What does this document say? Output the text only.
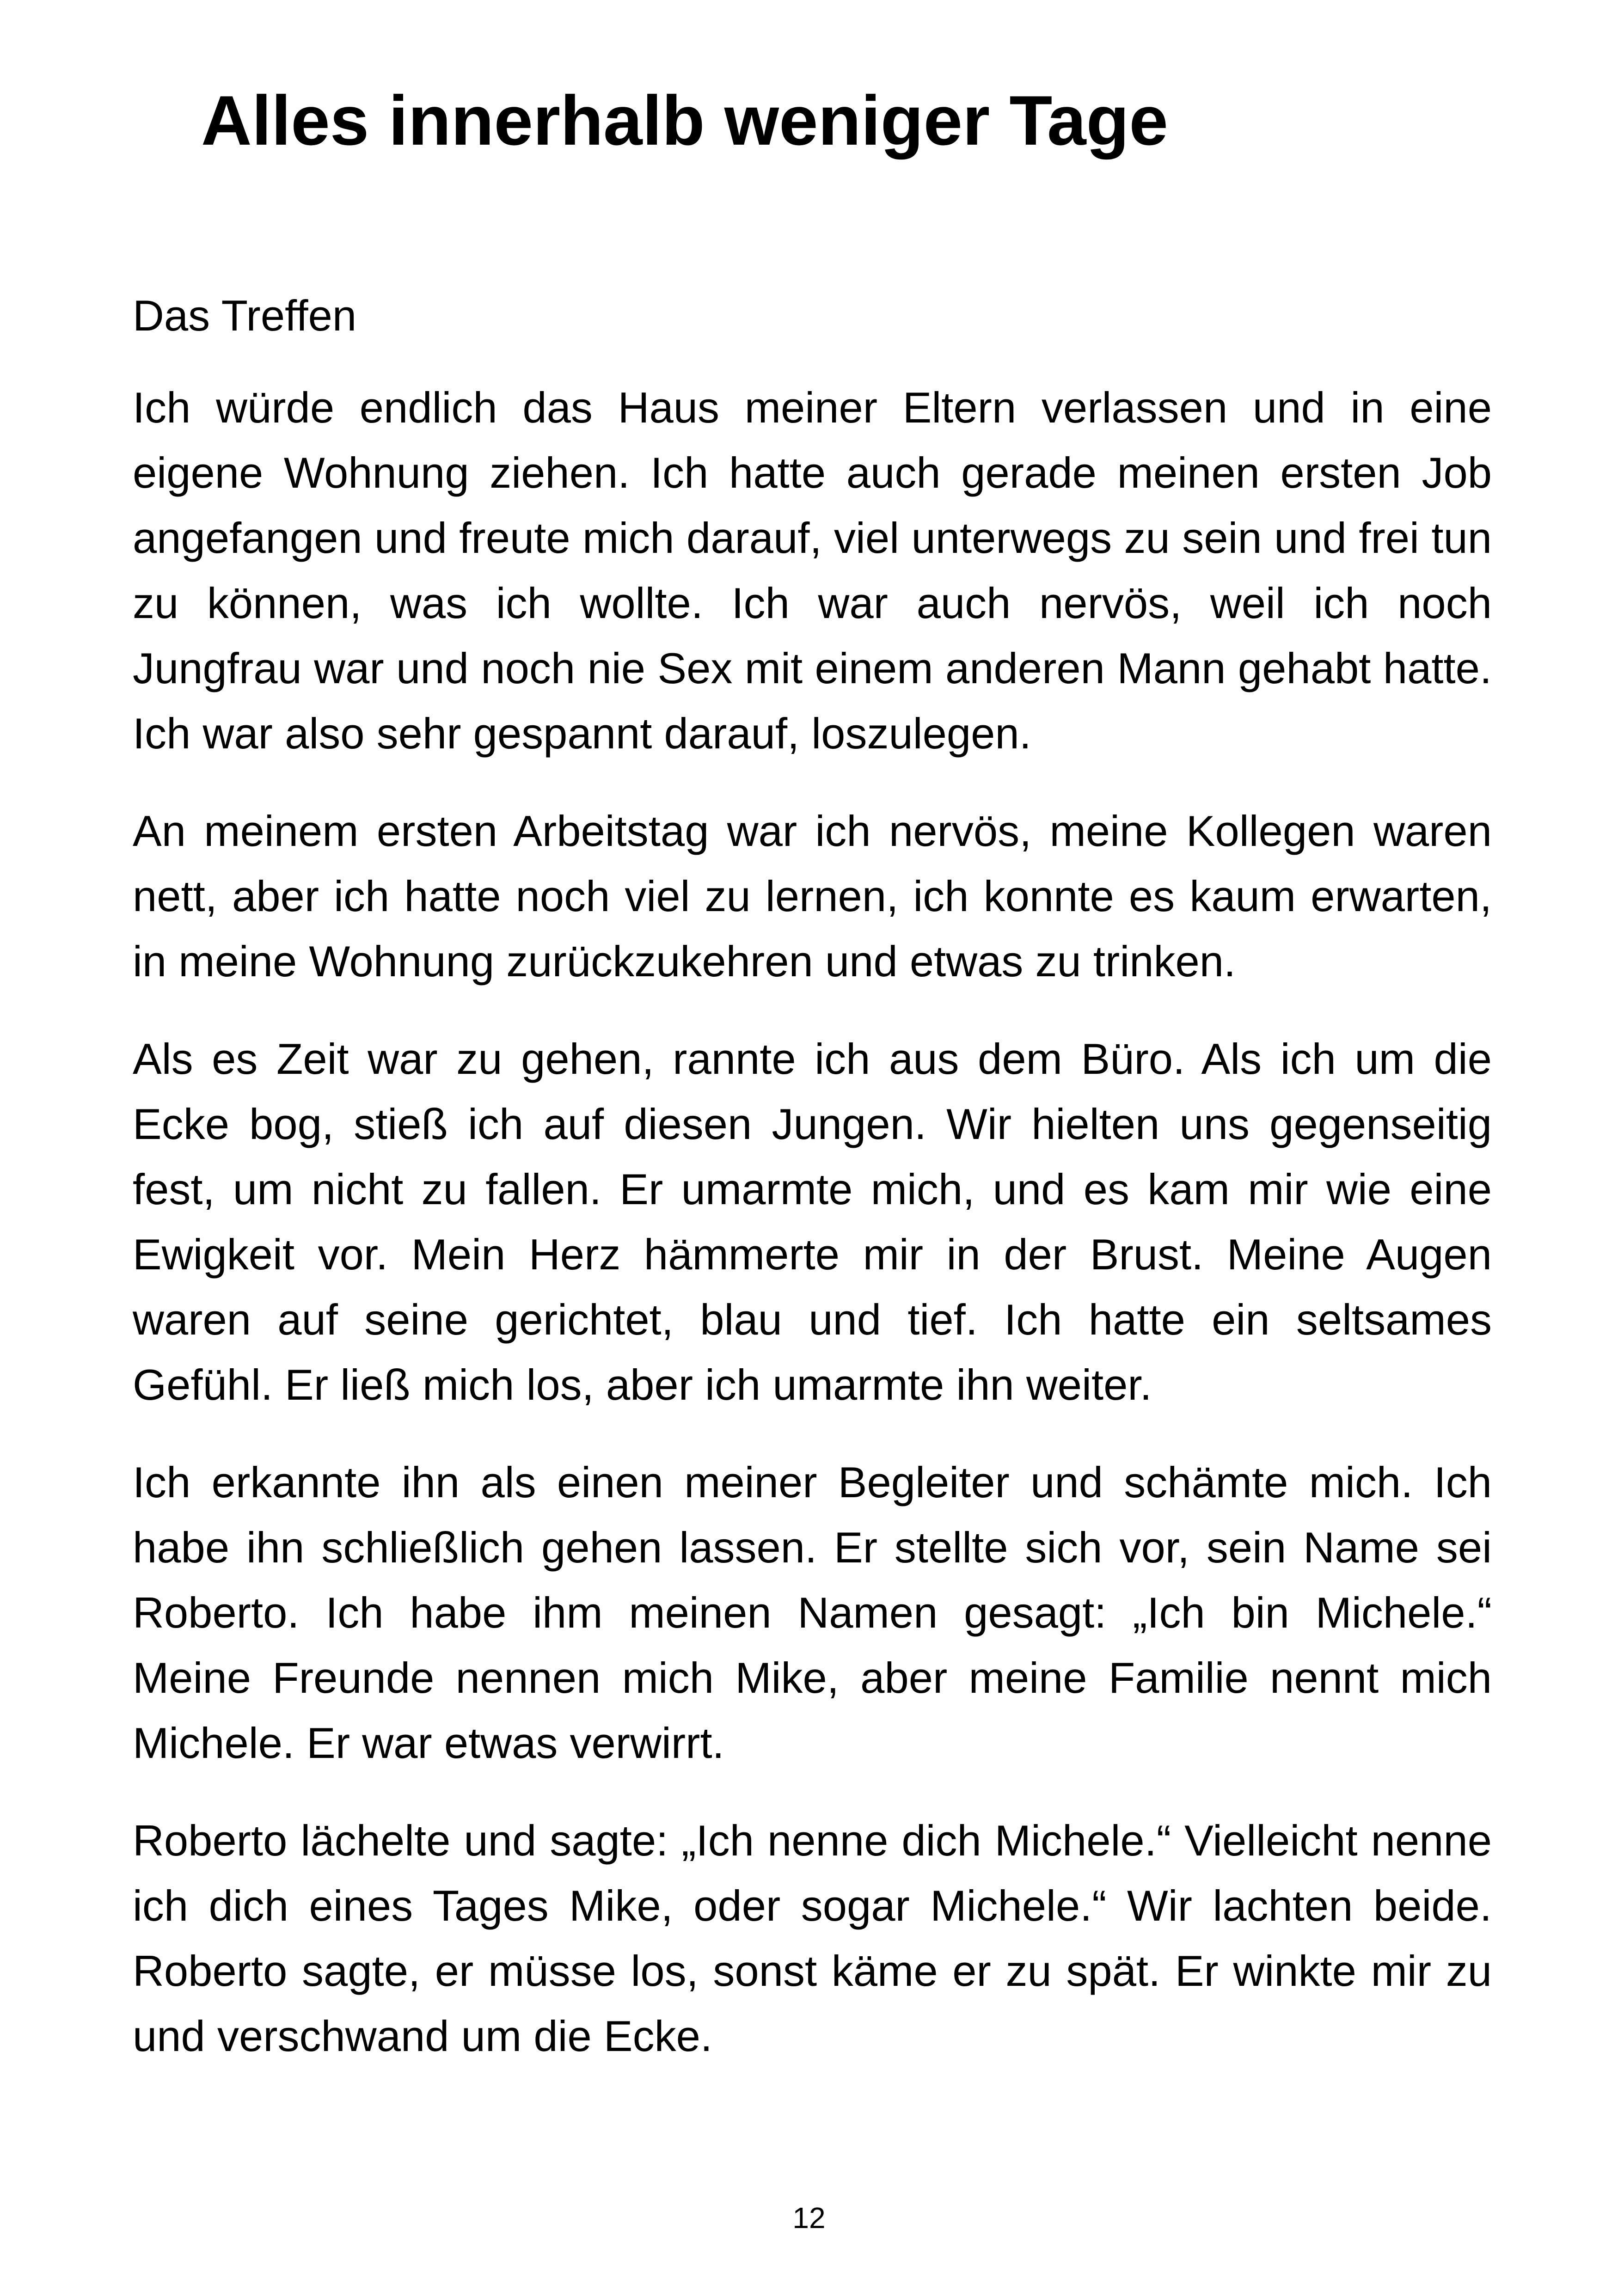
Alles innerhalb weniger Tage

Das Treffen

Ich würde endlich das Haus meiner Eltern verlassen und in eine eigene Wohnung ziehen. Ich hatte auch gerade meinen ersten Job angefangen und freute mich darauf, viel unterwegs zu sein und frei tun zu können, was ich wollte. Ich war auch nervös, weil ich noch Jungfrau war und noch nie Sex mit einem anderen Mann gehabt hatte. Ich war also sehr gespannt darauf, loszulegen.

An meinem ersten Arbeitstag war ich nervös, meine Kollegen waren nett, aber ich hatte noch viel zu lernen, ich konnte es kaum erwarten, in meine Wohnung zurückzukehren und etwas zu trinken.

Als es Zeit war zu gehen, rannte ich aus dem Büro. Als ich um die Ecke bog, stieß ich auf diesen Jungen. Wir hielten uns gegenseitig fest, um nicht zu fallen. Er umarmte mich, und es kam mir wie eine Ewigkeit vor. Mein Herz hämmerte mir in der Brust. Meine Augen waren auf seine gerichtet, blau und tief. Ich hatte ein seltsames Gefühl. Er ließ mich los, aber ich umarmte ihn weiter.

Ich erkannte ihn als einen meiner Begleiter und schämte mich. Ich habe ihn schließlich gehen lassen. Er stellte sich vor, sein Name sei Roberto. Ich habe ihm meinen Namen gesagt: „Ich bin Michele.“ Meine Freunde nennen mich Mike, aber meine Familie nennt mich Michele. Er war etwas verwirrt.

Roberto lächelte und sagte: „Ich nenne dich Michele.“ Vielleicht nenne ich dich eines Tages Mike, oder sogar Michele.“ Wir lachten beide. Roberto sagte, er müsse los, sonst käme er zu spät. Er winkte mir zu und verschwand um die Ecke.

12
